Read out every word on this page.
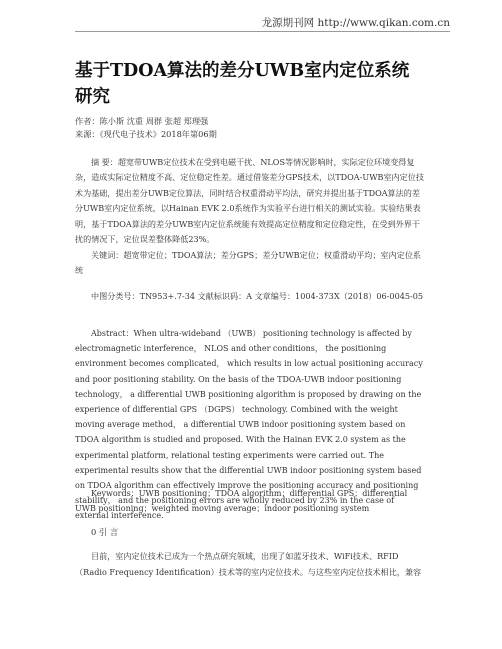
龙源期刊网 http://www.qikan.com.cn
基于TDOA算法的差分UWB室内定位系统研究
作者：陈小斯 沈重 周群 张超 郑理强
来源：《现代电子技术》2018年第06期

摘 要：超宽带UWB定位技术在受到电磁干扰、NLOS等情况影响时，实际定位环境变得复杂，造成实际定位精度不高、定位稳定性差。通过借鉴差分GPS技术，以TDOA-UWB室内定位技术为基础，提出差分UWB定位算法，同时结合权重滑动平均法，研究并提出基于TDOA算法的差分UWB室内定位系统，以Hainan EVK 2.0系统作为实验平台进行相关的测试实验。实验结果表明，基于TDOA算法的差分UWB室内定位系统能有效提高定位精度和定位稳定性，在受到外界干扰的情况下，定位误差整体降低23%。

关键词：超宽带定位；TDOA算法；差分GPS；差分UWB定位；权重滑动平均；室内定位系统

中图分类号：TN953+.7-34 文献标识码：A 文章编号：1004-373X（2018）06-0045-05

Abstract：When ultra-wideband （UWB） positioning technology is affected by electromagnetic interference， NLOS and other conditions， the positioning environment becomes complicated， which results in low actual positioning accuracy and poor positioning stability. On the basis of the TDOA-UWB indoor positioning technology， a differential UWB positioning algorithm is proposed by drawing on the experience of differential GPS （DGPS） technology. Combined with the weight moving average method， a differential UWB indoor positioning system based on TDOA algorithm is studied and proposed. With the Hainan EVK 2.0 system as the experimental platform, relational testing experiments were carried out. The experimental results show that the differential UWB indoor positioning system based on TDOA algorithm can effectively improve the positioning accuracy and positioning stability， and the positioning errors are wholly reduced by 23% in the case of external interference.

Keywords：UWB positioning；TDOA algorithm；differential GPS；differential UWB positioning；weighted moving average；indoor positioning system

0 引 言

目前，室内定位技术已成为一个热点研究领域，出现了如蓝牙技术、WiFi技术、RFID（Radio Frequency Identification）技术等的室内定位技术。与这些室内定位技术相比，兼容
